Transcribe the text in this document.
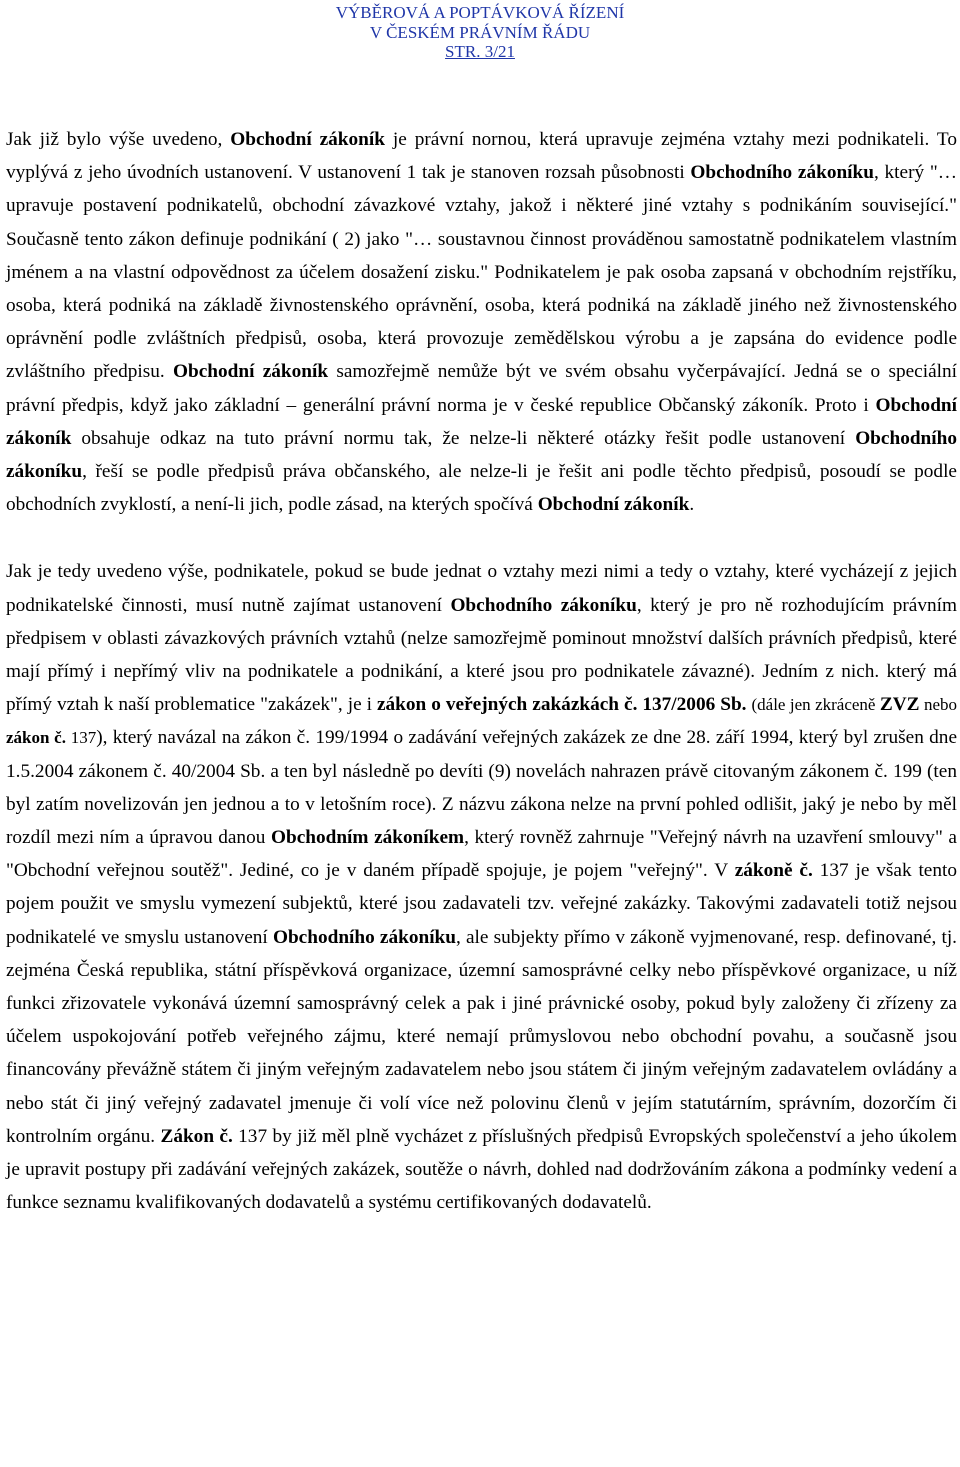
VÝBĚROVÁ A POPTÁVKOVÁ ŘÍZENÍ
V ČESKÉM PRÁVNÍM ŘÁDU
STR. 3/21

Jak již bylo výše uvedeno, Obchodní zákoník je právní nornou, která upravuje zejména vztahy mezi podnikateli. To vyplývá z jeho úvodních ustanovení. V ustanovení 1 tak je stanoven rozsah působnosti Obchodního zákoníku, který "… upravuje postavení podnikatelů, obchodní závazkové vztahy, jakož i některé jiné vztahy s podnikáním související." Současně tento zákon definuje podnikání ( 2) jako "… soustavnou činnost prováděnou samostatně podnikatelem vlastním jménem a na vlastní odpovědnost za účelem dosažení zisku." Podnikatelem je pak osoba zapsaná v obchodním rejstříku, osoba, která podniká na základě živnostenského oprávnění, osoba, která podniká na základě jiného než živnostenského oprávnění podle zvláštních předpisů, osoba, která provozuje zemědělskou výrobu a je zapsána do evidence podle zvláštního předpisu. Obchodní zákoník samozřejmě nemůže být ve svém obsahu vyčerpávající. Jedná se o speciální právní předpis, když jako základní – generální právní norma je v české republice Občanský zákoník. Proto i Obchodní zákoník obsahuje odkaz na tuto právní normu tak, že nelze-li některé otázky řešit podle ustanovení Obchodního zákoníku, řeší se podle předpisů práva občanského, ale nelze-li je řešit ani podle těchto předpisů, posoudí se podle obchodních zvyklostí, a není-li jich, podle zásad, na kterých spočívá Obchodní zákoník.

Jak je tedy uvedeno výše, podnikatele, pokud se bude jednat o vztahy mezi nimi a tedy o vztahy, které vycházejí z jejich podnikatelské činnosti, musí nutně zajímat ustanovení Obchodního zákoníku, který je pro ně rozhodujícím právním předpisem v oblasti závazkových právních vztahů (nelze samozřejmě pominout množství dalších právních předpisů, které mají přímý i nepřímý vliv na podnikatele a podnikání, a které jsou pro podnikatele závazné). Jedním z nich. který má přímý vztah k naší problematice "zakázek", je i zákon o veřejných zakázkách č. 137/2006 Sb. (dále jen zkráceně ZVZ nebo zákon č. 137), který navázal na zákon č. 199/1994 o zadávání veřejných zakázek ze dne 28. září 1994, který byl zrušen dne 1.5.2004 zákonem č. 40/2004 Sb. a ten byl následně po devíti (9) novelách nahrazen právě citovaným zákonem č. 199 (ten byl zatím novelizován jen jednou a to v letošním roce). Z názvu zákona nelze na první pohled odlišit, jaký je nebo by měl rozdíl mezi ním a úpravou danou Obchodním zákoníkem, který rovněž zahrnuje "Veřejný návrh na uzavření smlouvy" a "Obchodní veřejnou soutěž". Jediné, co je v daném případě spojuje, je pojem "veřejný". V zákoně č. 137 je však tento pojem použit ve smyslu vymezení subjektů, které jsou zadavateli tzv. veřejné zakázky. Takovými zadavateli totiž nejsou podnikatelé ve smyslu ustanovení Obchodního zákoníku, ale subjekty přímo v zákoně vyjmenované, resp. definované, tj. zejména Česká republika, státní příspěvková organizace, územní samosprávné celky nebo příspěvkové organizace, u níž funkci zřizovatele vykonává územní samosprávný celek a pak i jiné právnické osoby, pokud byly založeny či zřízeny za účelem uspokojování potřeb veřejného zájmu, které nemají průmyslovou nebo obchodní povahu, a současně jsou financovány převážně státem či jiným veřejným zadavatelem nebo jsou státem či jiným veřejným zadavatelem ovládány a nebo stát či jiný veřejný zadavatel jmenuje či volí více než polovinu členů v jejím statutárním, správním, dozorčím či kontrolním orgánu. Zákon č. 137 by již měl plně vycházet z příslušných předpisů Evropských společenství a jeho úkolem je upravit postupy při zadávání veřejných zakázek, soutěže o návrh, dohled nad dodržováním zákona a podmínky vedení a funkce seznamu kvalifikovaných dodavatelů a systému certifikovaných dodavatelů.
